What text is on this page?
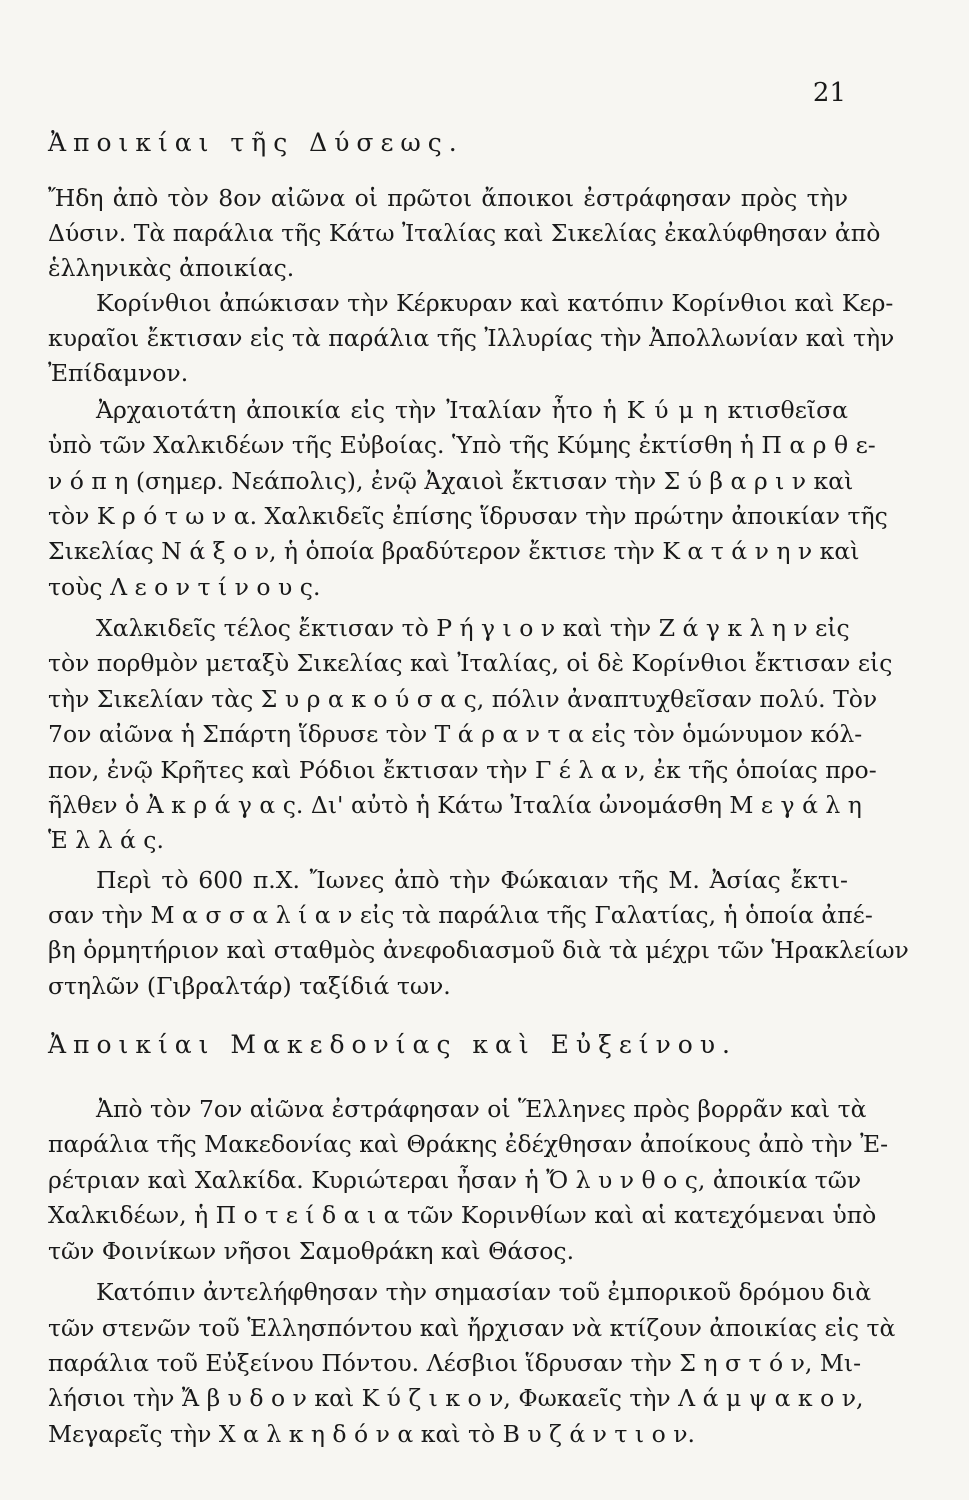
21
Ἀποικίαι τῆς Δύσεως.
Ἤδη ἀπὸ τὸν 8ον αἰῶνα οἱ πρῶτοι ἄποικοι ἐστράφησαν πρὸς τὴν
Δύσιν. Τὰ παράλια τῆς Κάτω Ἰταλίας καὶ Σικελίας ἐκαλύφθησαν ἀπὸ
ἑλληνικὰς ἀποικίας.
Κορίνθιοι ἀπώκισαν τὴν Κέρκυραν καὶ κατόπιν Κορίνθιοι καὶ Κερ-
κυραῖοι ἔκτισαν εἰς τὰ παράλια τῆς Ἰλλυρίας τὴν Ἀπολλωνίαν καὶ τὴν
Ἐπίδαμνον.
Ἀρχαιοτάτη ἀποικία εἰς τὴν Ἰταλίαν ἦτο ἡ Κ ύ μ η κτισθεῖσα
ὑπὸ τῶν Χαλκιδέων τῆς Εὐβοίας. Ὑπὸ τῆς Κύμης ἐκτίσθη ἡ Π α ρ θ ε-
ν ό π η (σημερ. Νεάπολις), ἐνῷ Ἀχαιοὶ ἔκτισαν τὴν Σ ύ β α ρ ι ν καὶ
τὸν Κ ρ ό τ ω ν α. Χαλκιδεῖς ἐπίσης ἵδρυσαν τὴν πρώτην ἀποικίαν τῆς
Σικελίας Ν ά ξ ο ν, ἡ ὁποία βραδύτερον ἔκτισε τὴν Κ α τ ά ν η ν καὶ
τοὺς Λ ε ο ν τ ί ν ο υ ς.
Χαλκιδεῖς τέλος ἔκτισαν τὸ Ρ ή γ ι ο ν καὶ τὴν Ζ ά γ κ λ η ν εἰς
τὸν πορθμὸν μεταξὺ Σικελίας καὶ Ἰταλίας, οἱ δὲ Κορίνθιοι ἔκτισαν εἰς
τὴν Σικελίαν τὰς Σ υ ρ α κ ο ύ σ α ς, πόλιν ἀναπτυχθεῖσαν πολύ. Τὸν
7ον αἰῶνα ἡ Σπάρτη ἵδρυσε τὸν Τ ά ρ α ν τ α εἰς τὸν ὁμώνυμον κόλ-
πον, ἐνῷ Κρῆτες καὶ Ρόδιοι ἔκτισαν τὴν Γ έ λ α ν, ἐκ τῆς ὁποίας προ-
ῆλθεν ὁ Ἀ κ ρ ά γ α ς. Δι' αὐτὸ ἡ Κάτω Ἰταλία ὠνομάσθη Μ ε γ ά λ η
Ἑ λ λ ά ς.
Περὶ τὸ 600 π.Χ. Ἴωνες ἀπὸ τὴν Φώκαιαν τῆς Μ. Ἀσίας ἔκτι-
σαν τὴν Μ α σ σ α λ ί α ν εἰς τὰ παράλια τῆς Γαλατίας, ἡ ὁποία ἀπέ-
βη ὁρμητήριον καὶ σταθμὸς ἀνεφοδιασμοῦ διὰ τὰ μέχρι τῶν Ἡρακλείων
στηλῶν (Γιβραλτάρ) ταξίδιά των.
Ἀποικίαι Μακεδονίας καὶ Εὐξείνου.
Ἀπὸ τὸν 7ον αἰῶνα ἐστράφησαν οἱ Ἕλληνες πρὸς βορρᾶν καὶ τὰ
παράλια τῆς Μακεδονίας καὶ Θράκης ἐδέχθησαν ἀποίκους ἀπὸ τὴν Ἐ-
ρέτριαν καὶ Χαλκίδα. Κυριώτεραι ἦσαν ἡ Ὄ λ υ ν θ ο ς, ἀποικία τῶν
Χαλκιδέων, ἡ Π ο τ ε ί δ α ι α τῶν Κορινθίων καὶ αἱ κατεχόμεναι ὑπὸ
τῶν Φοινίκων νῆσοι Σαμοθράκη καὶ Θάσος.
Κατόπιν ἀντελήφθησαν τὴν σημασίαν τοῦ ἐμπορικοῦ δρόμου διὰ
τῶν στενῶν τοῦ Ἑλλησπόντου καὶ ἤρχισαν νὰ κτίζουν ἀποικίας εἰς τὰ
παράλια τοῦ Εὐξείνου Πόντου. Λέσβιοι ἵδρυσαν τὴν Σ η σ τ ό ν, Μι-
λήσιοι τὴν Ἄ β υ δ ο ν καὶ Κ ύ ζ ι κ ο ν, Φωκαεῖς τὴν Λ ά μ ψ α κ ο ν,
Μεγαρεῖς τὴν Χ α λ κ η δ ό ν α καὶ τὸ Β υ ζ ά ν τ ι ο ν.
